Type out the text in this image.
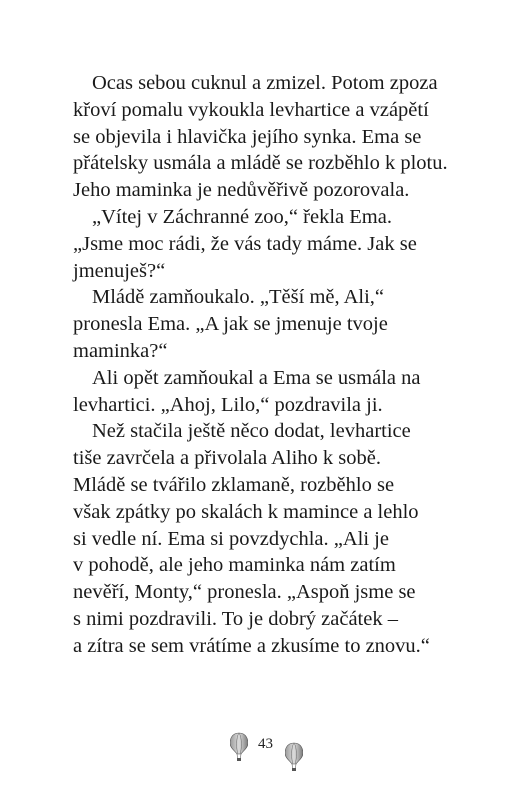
Ocas sebou cuknul a zmizel. Potom zpoza
křoví pomalu vykoukla levhartice a vzápětí
se objevila i hlavička jejího synka. Ema se
přátelsky usmála a mládě se rozběhlo k plotu.
Jeho maminka je nedůvěřivě pozorovala.
„Vítej v Záchranné zoo,“ řekla Ema.
„Jsme moc rádi, že vás tady máme. Jak se
jmenuješ?“
Mládě zamňoukalo. „Těší mě, Ali,“
pronesla Ema. „A jak se jmenuje tvoje
maminka?“
Ali opět zamňoukal a Ema se usmála na
levhartici. „Ahoj, Lilo,“ pozdravila ji.
Než stačila ještě něco dodat, levhartice
tiše zavrčela a přivolala Aliho k sobě.
Mládě se tvářilo zklamaně, rozběhlo se
však zpátky po skalách k mamince a lehlo
si vedle ní. Ema si povzdychla. „Ali je
v pohodě, ale jeho maminka nám zatím
nevěří, Monty,“ pronesla. „Aspoň jsme se
s nimi pozdravili. To je dobrý začátek –
a zítra se sem vrátíme a zkusíme to znovu.“
43
